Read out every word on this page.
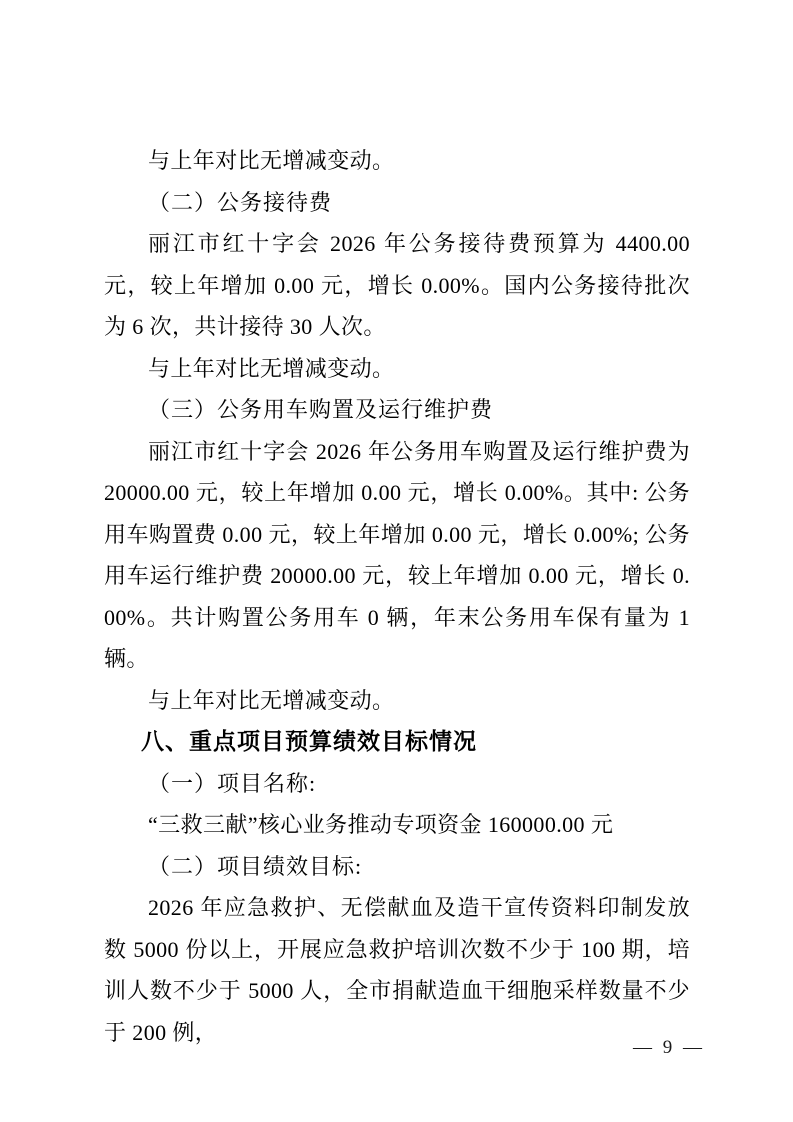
与上年对比无增减变动。

（二）公务接待费

丽江市红十字会 2026 年公务接待费预算为 4400.00 元，较上年增加 0.00 元，增长 0.00%。国内公务接待批次为 6 次，共计接待 30 人次。

与上年对比无增减变动。

（三）公务用车购置及运行维护费

丽江市红十字会 2026 年公务用车购置及运行维护费为 20000.00 元，较上年增加 0.00 元，增长 0.00%。其中: 公务用车购置费 0.00 元，较上年增加 0.00 元，增长 0.00%; 公务用车运行维护费 20000.00 元，较上年增加 0.00 元，增长 0.00%。共计购置公务用车 0 辆，年末公务用车保有量为 1 辆。

与上年对比无增减变动。

八、重点项目预算绩效目标情况

（一）项目名称:

“三救三献”核心业务推动专项资金 160000.00 元

（二）项目绩效目标:

2026 年应急救护、无偿献血及造干宣传资料印制发放数 5000 份以上，开展应急救护培训次数不少于 100 期，培训人数不少于 5000 人，全市捐献造血干细胞采样数量不少于 200 例，

— 9 —
